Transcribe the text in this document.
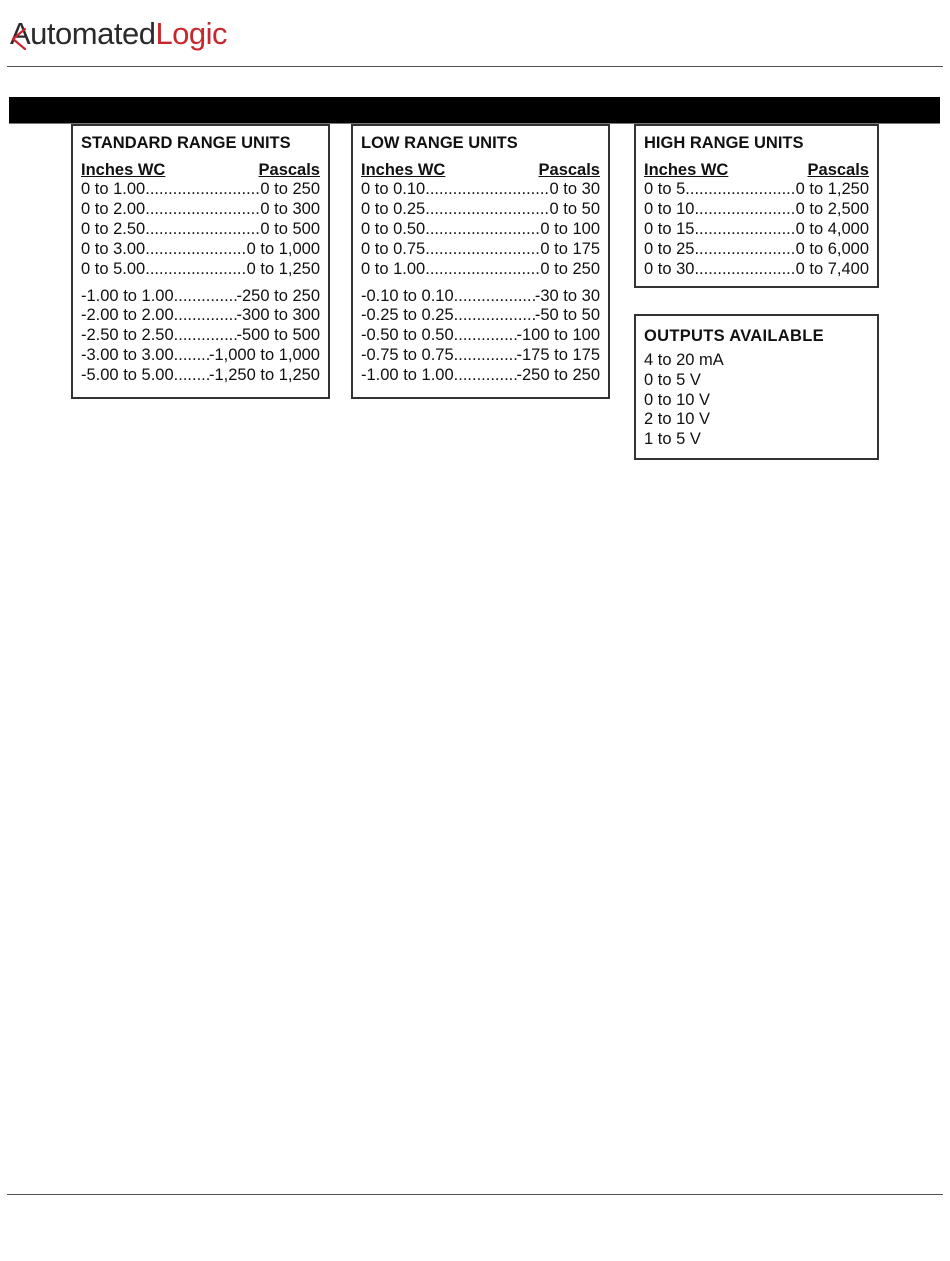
AutomatedLogic
STANDARD RANGE UNITS
Inches WC	Pascals
0 to 1.00 .....	0 to 250
0 to 2.00 .....	0 to 300
0 to 2.50 .....	0 to 500
0 to 3.00 .....	0 to 1,000
0 to 5.00 .....	0 to 1,250
-1.00 to 1.00 .....	-250 to 250
-2.00 to 2.00 .....	-300 to 300
-2.50 to 2.50 .....	-500 to 500
-3.00 to 3.00 ..... -1,000 to 1,000
-5.00 to 5.00 ..... -1,250 to 1,250
LOW RANGE UNITS
Inches WC	Pascals
0 to 0.10 .....	0 to 30
0 to 0.25 .....	0 to 50
0 to 0.50 .....	0 to 100
0 to 0.75 .....	0 to 175
0 to 1.00 .....	0 to 250
-0.10 to 0.10 .....	-30 to 30
-0.25 to 0.25 .....	-50 to 50
-0.50 to 0.50 .....	-100 to 100
-0.75 to 0.75 .....	-175 to 175
-1.00 to 1.00 .....	-250 to 250
HIGH RANGE UNITS
Inches WC	Pascals
0 to 5 .....	0 to 1,250
0 to 10 .....	0 to 2,500
0 to 15 .....	0 to 4,000
0 to 25 .....	0 to 6,000
0 to 30 .....	0 to 7,400
OUTPUTS AVAILABLE
4 to 20 mA
0 to 5 V
0 to 10 V
2 to 10 V
1 to 5 V
